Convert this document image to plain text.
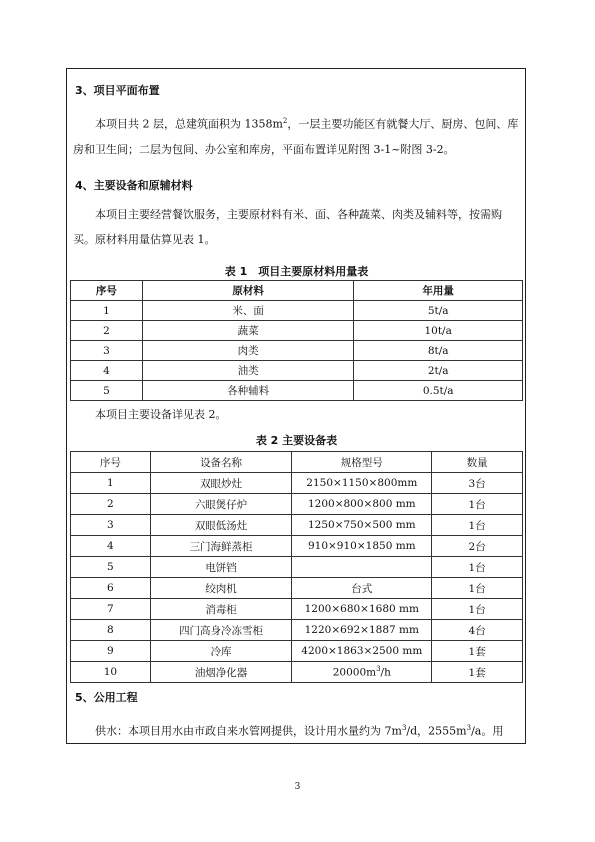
3、项目平面布置

本项目共 2 层，总建筑面积为 $1358m^2$，一层主要功能区有就餐大厅、厨房、包间、库房和卫生间；二层为包间、办公室和库房，平面布置详见附图 3-1~附图 3-2。

4、主要设备和原辅材料

本项目主要经营餐饮服务，主要原材料有米、面、各种蔬菜、肉类及辅料等，按需购买。原材料用量估算见表 1。

表 1　项目主要原材料用量表
序号	原材料	年用量
1	米、面	5t/a
2	蔬菜	10t/a
3	肉类	8t/a
4	油类	2t/a
5	各种辅料	0.5t/a
本项目主要设备详见表 2。
表 2 主要设备表
序号	设备名称	规格型号	数量
1	双眼炒灶	2150×1150×800mm	3台
2	六眼煲仔炉	1200×800×800 mm	1台
3	双眼低汤灶	1250×750×500 mm	1台
4	三门海鲜蒸柜	910×910×1850 mm	2台
5	电饼铛		1台
6	绞肉机	台式	1台
7	消毒柜	1200×680×1680 mm	1台
8	四门高身冷冻雪柜	1220×692×1887 mm	4台
9	冷库	4200×1863×2500 mm	1套
10	油烟净化器	$20000m^3/h$	1套
5、公用工程

供水：本项目用水由市政自来水管网提供，设计用水量约为 $7m^3/d$，$2555m^3/a$。用

3
